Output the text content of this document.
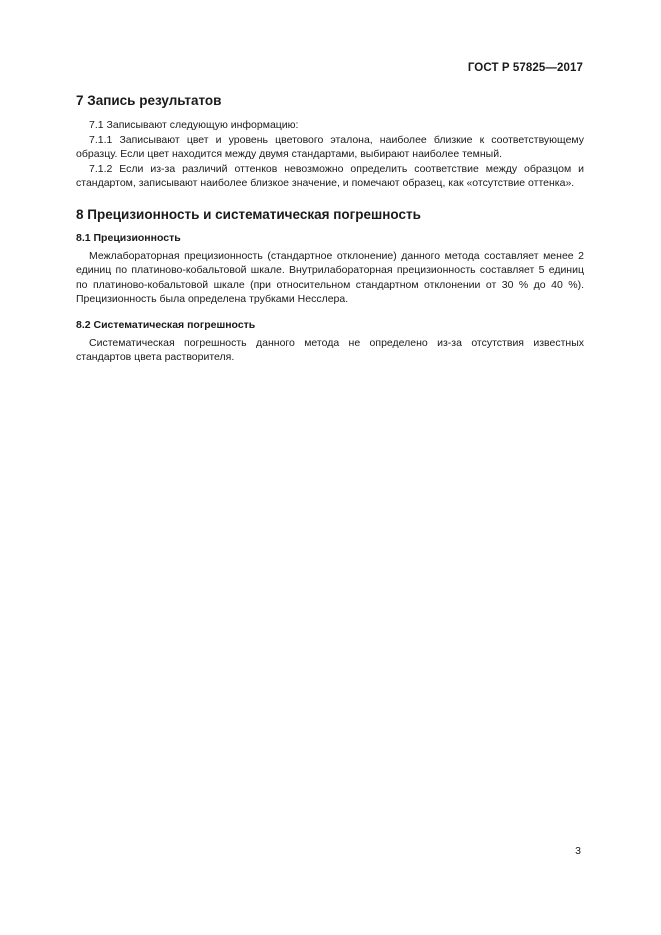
ГОСТ Р 57825—2017
7 Запись результатов

7.1 Записывают следующую информацию:

7.1.1 Записывают цвет и уровень цветового эталона, наиболее близкие к соответствующему образцу. Если цвет находится между двумя стандартами, выбирают наиболее темный.

7.1.2 Если из-за различий оттенков невозможно определить соответствие между образцом и стандартом, записывают наиболее близкое значение, и помечают образец, как «отсутствие оттенка».

8 Прецизионность и систематическая погрешность
8.1 Прецизионность

Межлабораторная прецизионность (стандартное отклонение) данного метода составляет менее 2 единиц по платиново-кобальтовой шкале. Внутрилабораторная прецизионность составляет 5 единиц по платиново-кобальтовой шкале (при относительном стандартном отклонении от 30 % до 40 %). Прецизионность была определена трубками Несслера.

8.2 Систематическая погрешность

Систематическая погрешность данного метода не определено из-за отсутствия известных стандартов цвета растворителя.

3
